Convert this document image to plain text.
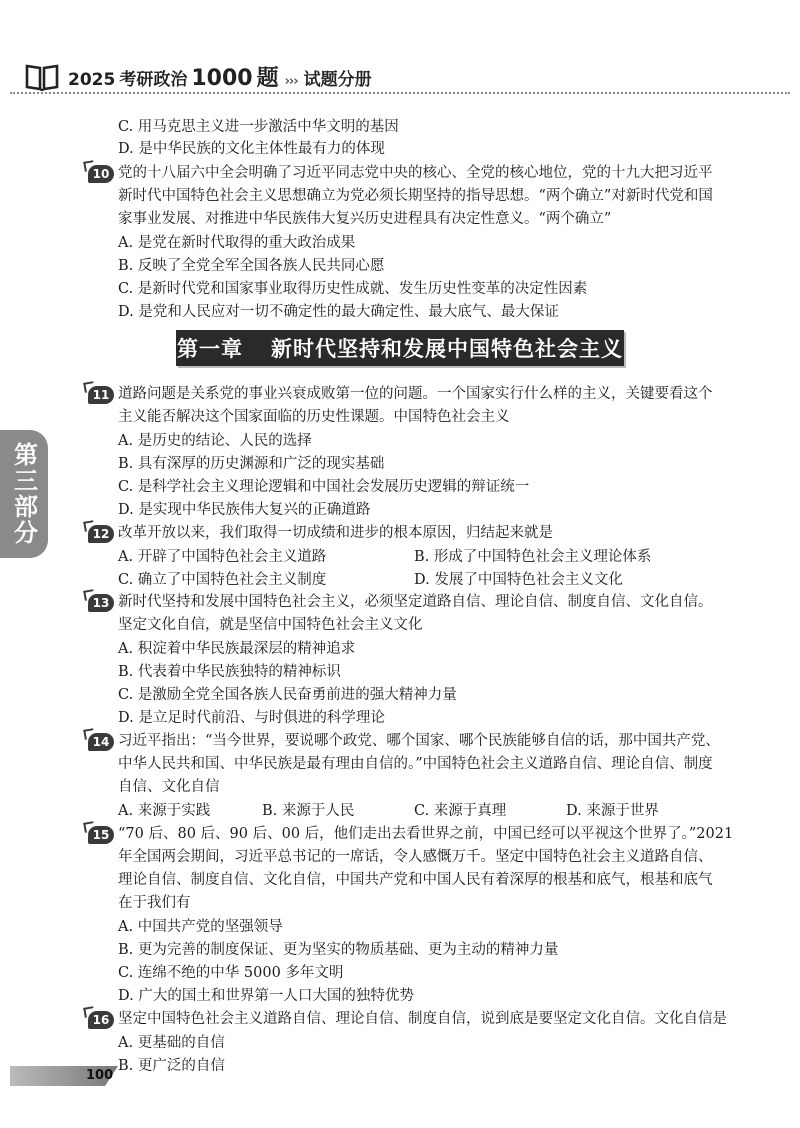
2025 考研政治 1000 题 ››› 试题分册
第三部分
第一章 新时代坚持和发展中国特色社会主义
C. 用马克思主义进一步激活中华文明的基因
D. 是中华民族的文化主体性最有力的体现
10 党的十八届六中全会明确了习近平同志党中央的核心、全党的核心地位，党的十九大把习近平
新时代中国特色社会主义思想确立为党必须长期坚持的指导思想。“两个确立”对新时代党和国
家事业发展、对推进中华民族伟大复兴历史进程具有决定性意义。“两个确立”
A. 是党在新时代取得的重大政治成果
B. 反映了全党全军全国各族人民共同心愿
C. 是新时代党和国家事业取得历史性成就、发生历史性变革的决定性因素
D. 是党和人民应对一切不确定性的最大确定性、最大底气、最大保证
11 道路问题是关系党的事业兴衰成败第一位的问题。一个国家实行什么样的主义，关键要看这个
主义能否解决这个国家面临的历史性课题。中国特色社会主义
A. 是历史的结论、人民的选择
B. 具有深厚的历史渊源和广泛的现实基础
C. 是科学社会主义理论逻辑和中国社会发展历史逻辑的辩证统一
D. 是实现中华民族伟大复兴的正确道路
12 改革开放以来，我们取得一切成绩和进步的根本原因，归结起来就是
A. 开辟了中国特色社会主义道路	B. 形成了中国特色社会主义理论体系
C. 确立了中国特色社会主义制度	D. 发展了中国特色社会主义文化
13 新时代坚持和发展中国特色社会主义，必须坚定道路自信、理论自信、制度自信、文化自信。
坚定文化自信，就是坚信中国特色社会主义文化
A. 积淀着中华民族最深层的精神追求
B. 代表着中华民族独特的精神标识
C. 是激励全党全国各族人民奋勇前进的强大精神力量
D. 是立足时代前沿、与时俱进的科学理论
14 习近平指出：“当今世界，要说哪个政党、哪个国家、哪个民族能够自信的话，那中国共产党、
中华人民共和国、中华民族是最有理由自信的。”中国特色社会主义道路自信、理论自信、制度
自信、文化自信
A. 来源于实践	B. 来源于人民	C. 来源于真理	D. 来源于世界
15 “70 后、80 后、90 后、00 后，他们走出去看世界之前，中国已经可以平视这个世界了。”2021
年全国两会期间，习近平总书记的一席话，令人感慨万千。坚定中国特色社会主义道路自信、
理论自信、制度自信、文化自信，中国共产党和中国人民有着深厚的根基和底气，根基和底气
在于我们有
A. 中国共产党的坚强领导
B. 更为完善的制度保证、更为坚实的物质基础、更为主动的精神力量
C. 连绵不绝的中华 5000 多年文明
D. 广大的国土和世界第一人口大国的独特优势
16 坚定中国特色社会主义道路自信、理论自信、制度自信，说到底是要坚定文化自信。文化自信是
A. 更基础的自信
B. 更广泛的自信
100
